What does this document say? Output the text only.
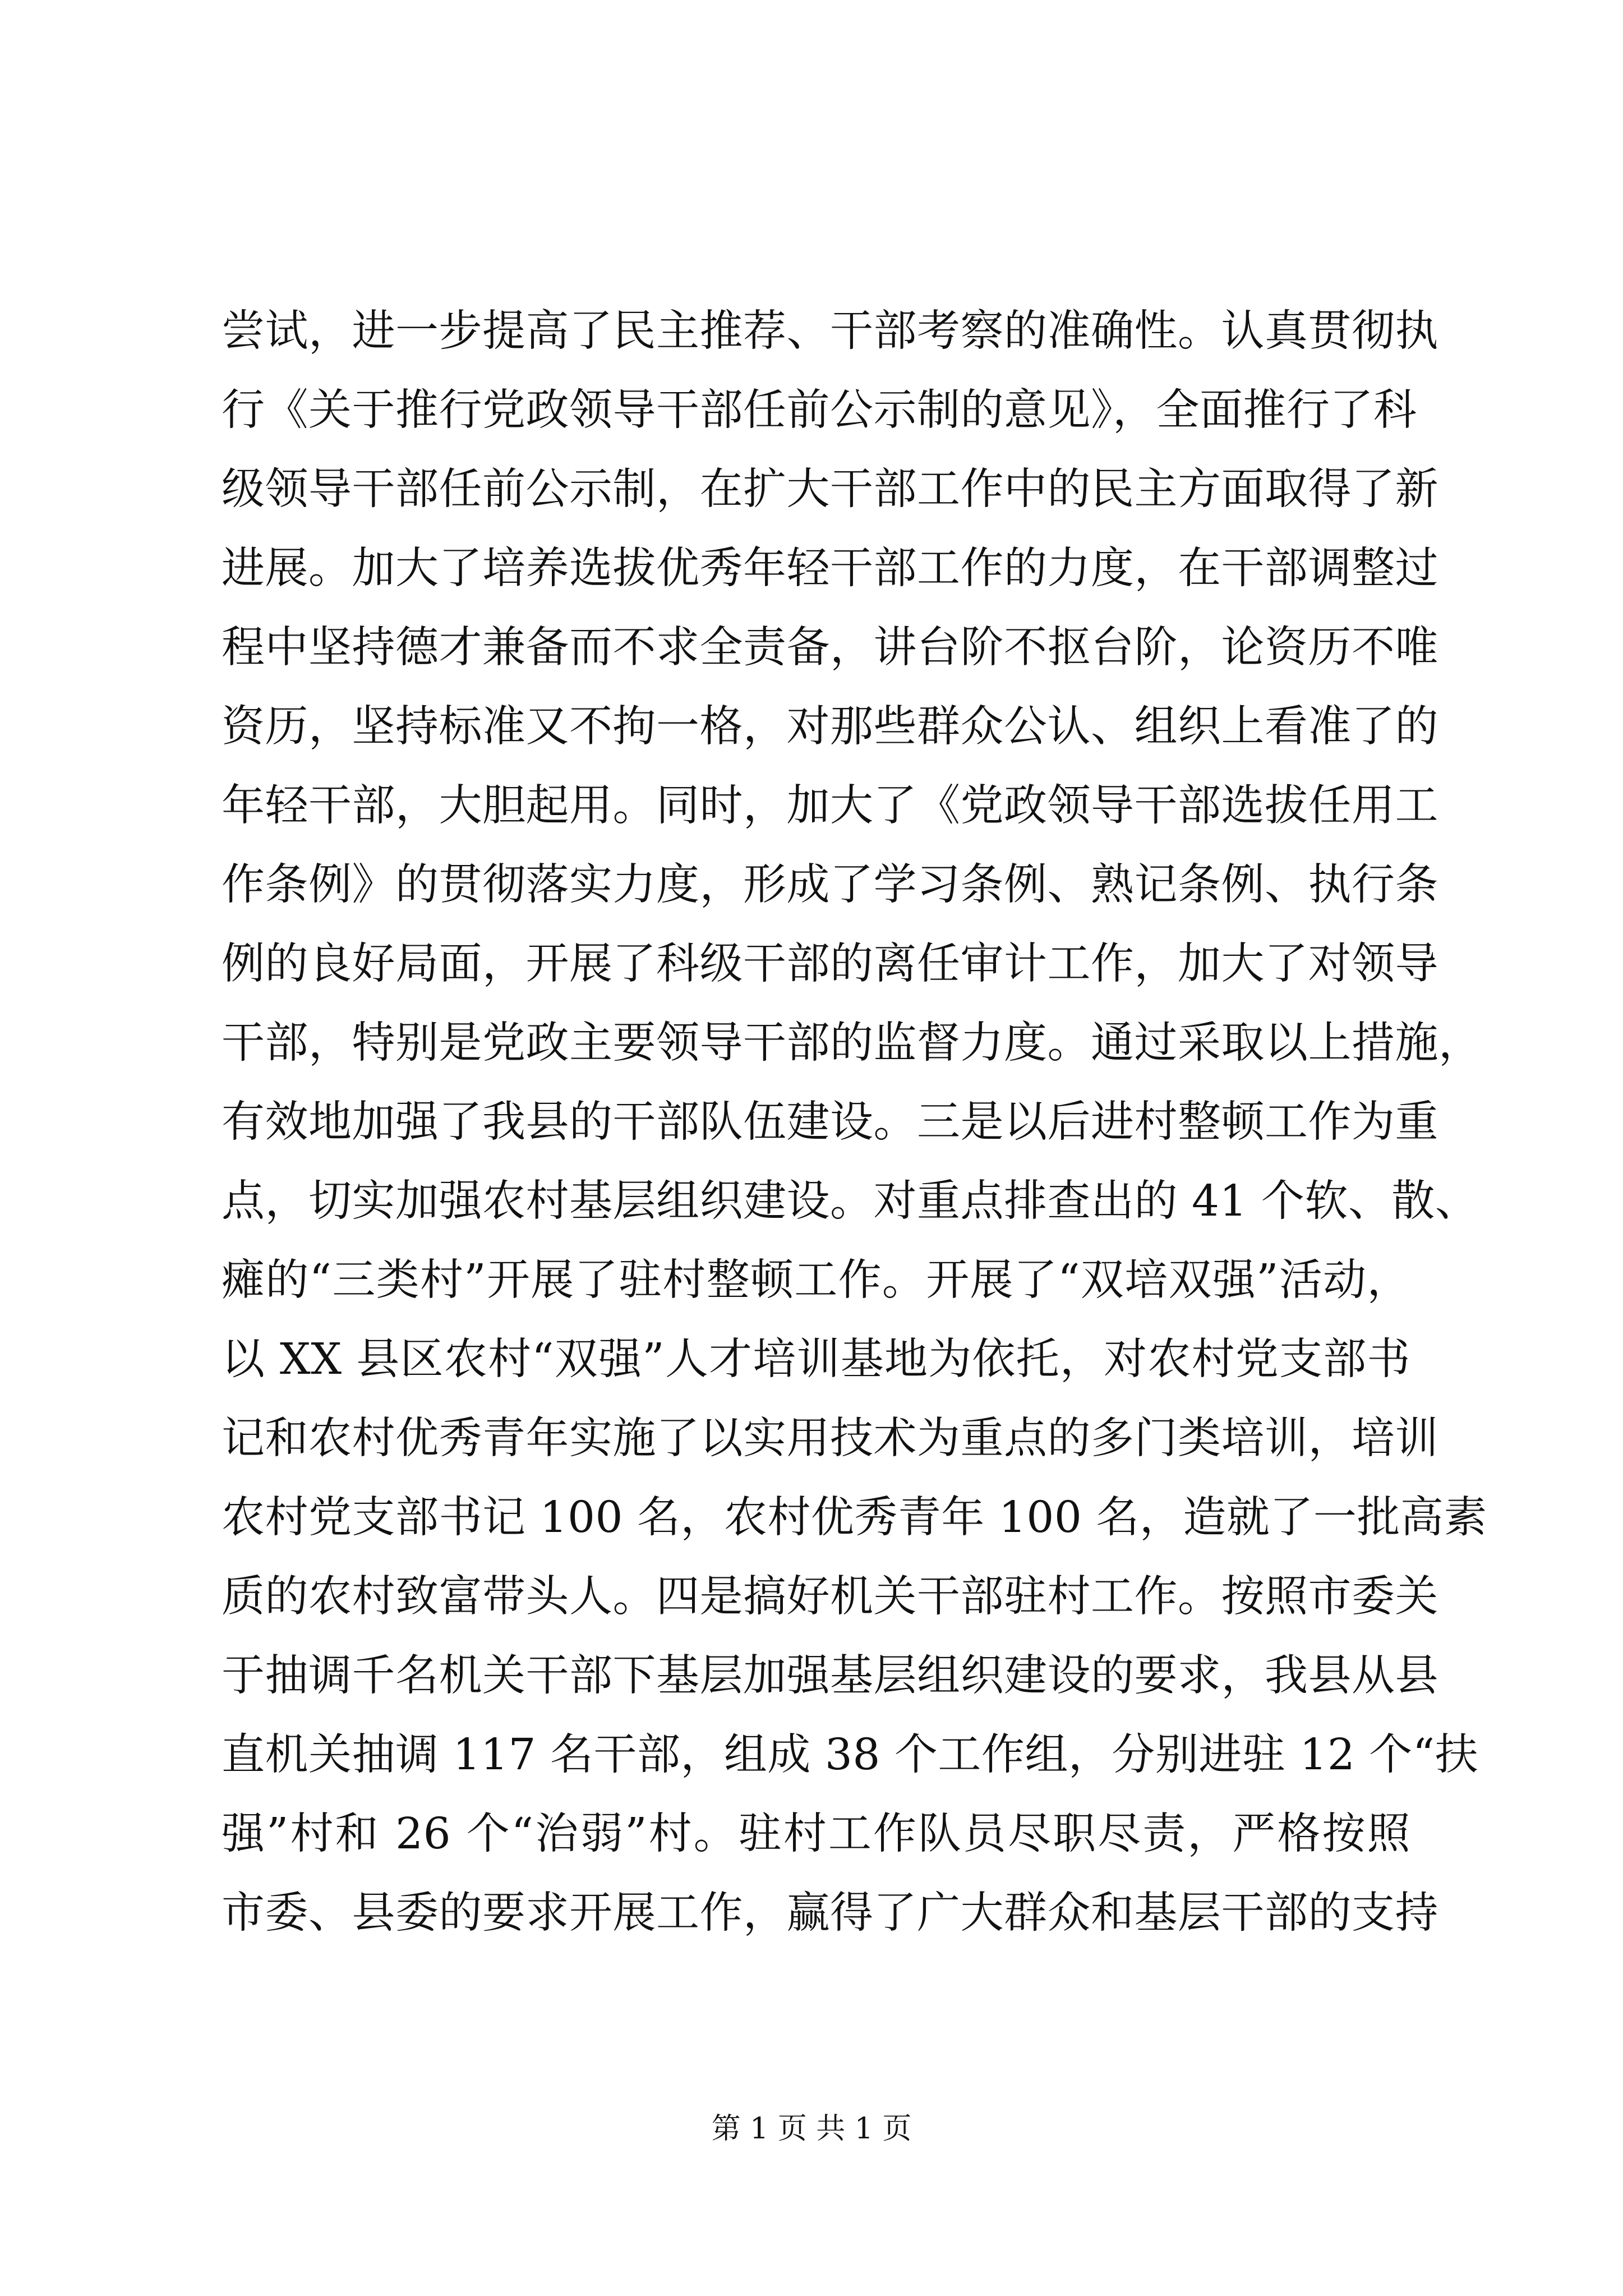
尝试，进一步提高了民主推荐、干部考察的准确性。认真贯彻执
行《关于推行党政领导干部任前公示制的意见》，全面推行了科
级领导干部任前公示制，在扩大干部工作中的民主方面取得了新
进展。加大了培养选拔优秀年轻干部工作的力度，在干部调整过
程中坚持德才兼备而不求全责备，讲台阶不抠台阶，论资历不唯
资历，坚持标准又不拘一格，对那些群众公认、组织上看准了的
年轻干部，大胆起用。同时，加大了《党政领导干部选拔任用工
作条例》的贯彻落实力度，形成了学习条例、熟记条例、执行条
例的良好局面，开展了科级干部的离任审计工作，加大了对领导
干部，特别是党政主要领导干部的监督力度。通过采取以上措施，
有效地加强了我县的干部队伍建设。三是以后进村整顿工作为重
点，切实加强农村基层组织建设。对重点排查出的 41 个软、散、
瘫的“三类村”开展了驻村整顿工作。开展了“双培双强”活动，
以 XX 县区农村“双强”人才培训基地为依托，对农村党支部书
记和农村优秀青年实施了以实用技术为重点的多门类培训，培训
农村党支部书记 100 名，农村优秀青年 100 名，造就了一批高素
质的农村致富带头人。四是搞好机关干部驻村工作。按照市委关
于抽调千名机关干部下基层加强基层组织建设的要求，我县从县
直机关抽调 117 名干部，组成 38 个工作组，分别进驻 12 个“扶
强”村和 26 个“治弱”村。驻村工作队员尽职尽责，严格按照
市委、县委的要求开展工作，赢得了广大群众和基层干部的支持
第 1 页 共 1 页
